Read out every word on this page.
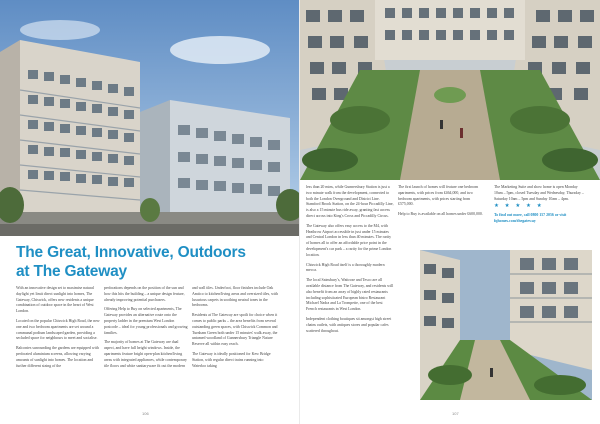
The Great, Innovative, Outdoors
at The Gateway

With an innovative design set to maximise natural daylight yet limit direct sunlight into homes, The Gateway, Chiswick, offers new residents a unique combination of outdoor space in the heart of West London.

Located on the popular Chiswick High Road, the new one and two bedroom apartments are set around a communal podium landscaped garden, providing a secluded space for neighbours to meet and socialise.

Balconies surrounding the gardens are equipped with perforated aluminium screens, allowing varying amounts of sunlight into homes. The location and further different sizing of the

perforations depends on the position of the sun and how this hits the building – a unique design feature, already improving potential purchasers.

Offering Help to Buy on selected apartments, The Gateway provides an alternative route onto the property ladder in the premium West London postcode – ideal for young professionals and growing families.

The majority of homes at The Gateway are dual aspect, and have full height windows. Inside, the apartments feature bright open-plan kitchen/living areas with integrated appliances, while contemporary tile floors and white sanitaryware fit out the modern

and wall tiles. Underfoot, floor finishes include Oak Amtico to kitchen/living areas and oversized tiles, with luxurious carpets in soothing neutral tones in the bedrooms.

Residents at The Gateway are spoilt for choice when it comes to public parks – the area benefits from several outstanding green spaces, with Chiswick Common and Turnham Green both under 15 minutes' walk away, the untamed woodland of Gunnersbury Triangle Nature Reserve all within easy reach.

The Gateway is ideally positioned for Kew Bridge Station, with regular direct trains running into Waterloo taking

106

less than 20 mins, while Gunnersbury Station is just a two minute walk from the development, connected to both the London Overground and District Line. Stamford Brook Station, on the 24-hour Piccadilly Line, is also a 15 minute bus ride away, granting fast access direct across into King's Cross and Piccadilly Circus.

The Gateway also offers easy access to the M4, with Heathrow Airport accessible in just under 15 minutes and Central London in less than 40 minutes. The rarity of homes all to offer an affordable price point in the development's car park – a rarity for the prime London location.

Chiswick High Road itself is a thoroughly modern mecca.

The local Sainsbury's, Waitrose and Tesco are all available distance from The Gateway, and residents will also benefit from an array of highly rated restaurants including sophisticated European bistro Restaurant Michael Nadra and La Trompette, one of the best French restaurants in West London.

Independent clothing boutiques sit amongst high street chains outlets, with antiques stores and popular cafes scattered throughout.

The first launch of homes will feature one bedroom apartments, with prices from £464,000, and two bedroom apartments, with prices starting from £575,000.

Help to Buy is available on all homes under £600,000.

The Marketing Suite and show home is open Monday 10am – 5pm, closed Tuesday and Wednesday, Thursday – Saturday 10am – 5pm and Sunday 10am – 4pm.

★ ★ ★ ★ ★

To find out more, call 0800 157 2056 or visit fqhomes.com/thegateway

107
